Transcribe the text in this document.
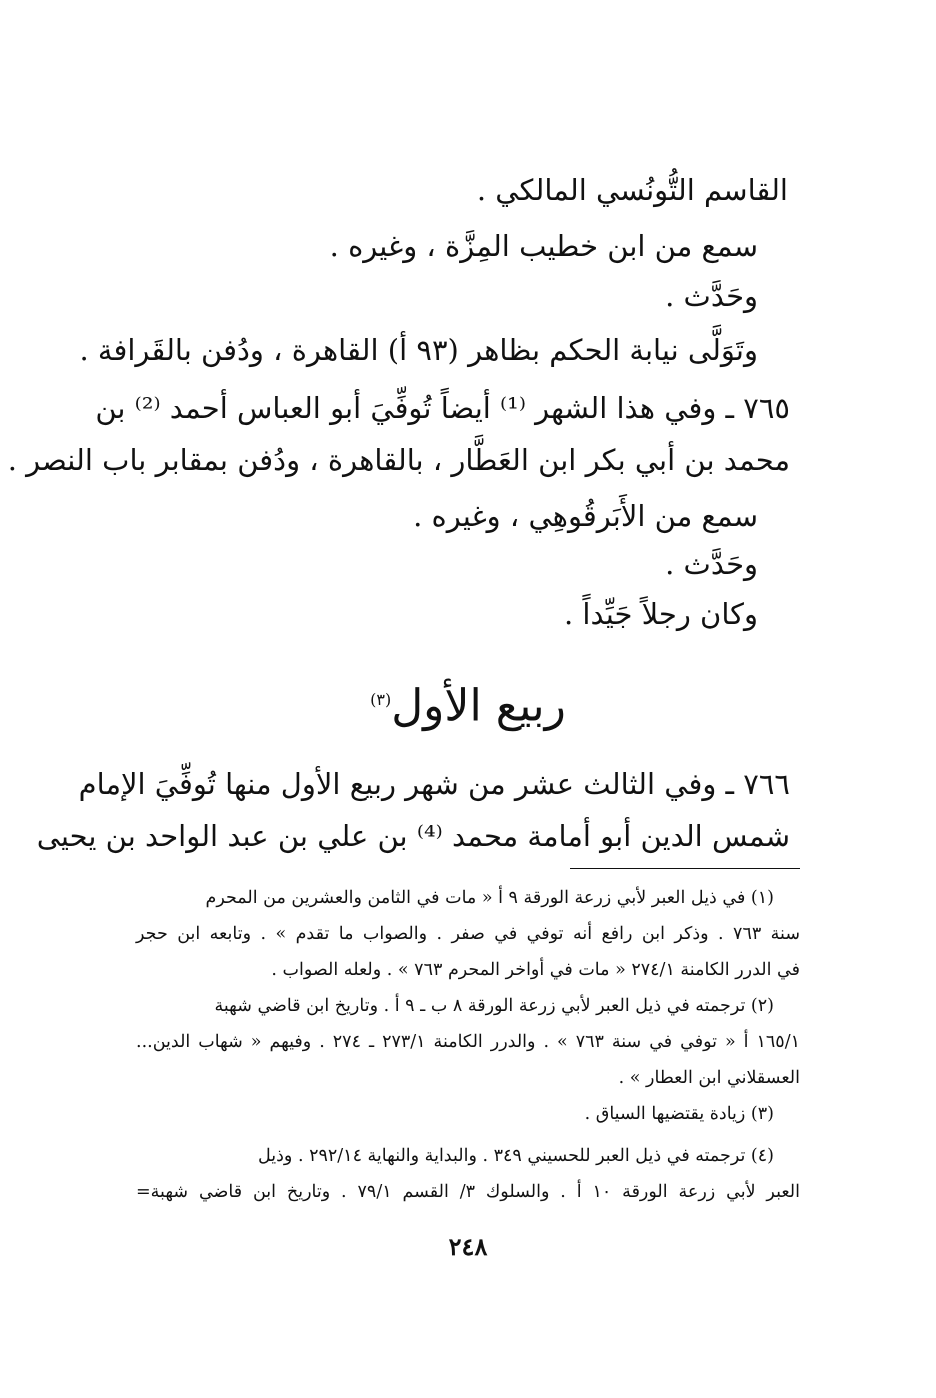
القاسم التُّونُسي المالكي .
سمع من ابن خطيب المِزَّة ، وغيره .
وحَدَّث .
وتَوَلَّى نيابة الحكم بظاهر (٩٣ أ) القاهرة ، ودُفن بالقَرافة .
٧٦٥ ـ وفي هذا الشهر ⁽¹⁾ أيضاً تُوفِّيَ أبو العباس أحمد ⁽²⁾ بن
محمد بن أبي بكر ابن العَطَّار ، بالقاهرة ، ودُفن بمقابر باب النصر .
سمع من الأَبَرقُوهِي ، وغيره .
وحَدَّث .
وكان رجلاً جَيِّداً .
ربيع الأول$^{(٣)}$
٧٦٦ ـ وفي الثالث عشر من شهر ربيع الأول منها تُوفِّيَ الإمام
شمس الدين أبو أمامة محمد ⁽⁴⁾ بن علي بن عبد الواحد بن يحيى
(١) في ذيل العبر لأبي زرعة الورقة ٩ أ « مات في الثامن والعشرين من المحرم
سنة ٧٦٣ . وذكر ابن رافع أنه توفي في صفر . والصواب ما تقدم » . وتابعه ابن حجر
في الدرر الكامنة ٢٧٤/١ « مات في أواخر المحرم ٧٦٣ » . ولعله الصواب .
(٢) ترجمته في ذيل العبر لأبي زرعة الورقة ٨ ب ـ ٩ أ . وتاريخ ابن قاضي شهبة
١٦٥/١ أ « توفي في سنة ٧٦٣ » . والدرر الكامنة ٢٧٣/١ ـ ٢٧٤ . وفيهم « شهاب الدين...
العسقلاني ابن العطار » .
(٣) زيادة يقتضيها السياق .
(٤) ترجمته في ذيل العبر للحسيني ٣٤٩ . والبداية والنهاية ٢٩٢/١٤ . وذيل
العبر لأبي زرعة الورقة ١٠ أ . والسلوك ٣/ القسم ٧٩/١ . وتاريخ ابن قاضي شهبة=
٢٤٨
